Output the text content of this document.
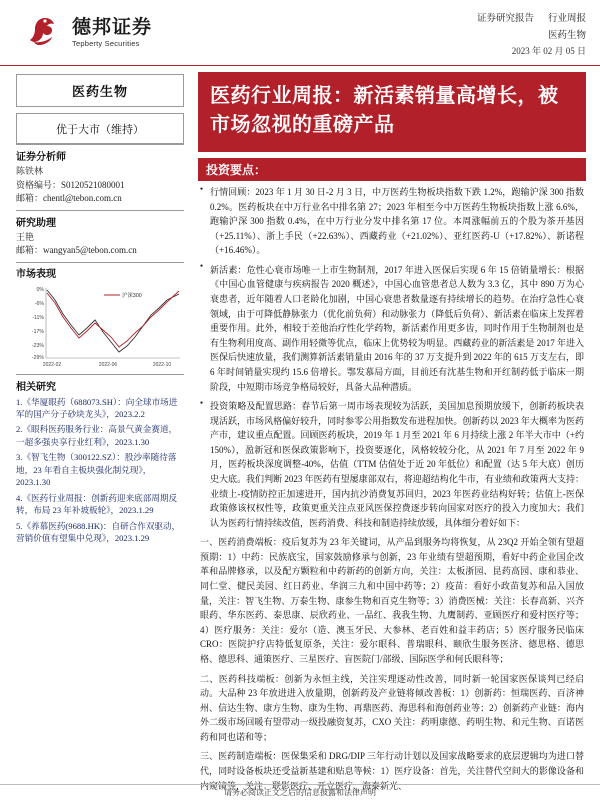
德邦证券
Tepberty Securities
证券研究报告 行业周报
医药生物
2023 年 02 月 05 日
医药生物
优于大市（维持）
证券分析师
陈铁林
资格编号：S0120521080001
邮箱：chentl@tebon.com.cn
研究助理
王艳
邮箱：wangyan5@tebon.com.cn
市场表现
0%
-6%
-11%
-17%
-23%
-29%
2022-02	2022-06	2022-10
沪深300
相关研究
1.《华厦眼药（688073.SH）：向全球市场进军的国产分子砂块龙头》，2023.2.2
2.《眼科医药服务行业：高景气黄金赛道，一超多强央享行业红利》，2023.1.30
3.《智飞生物（300122.SZ）：股沙率随待落地，23 年看自主板块强化制兑现》，2023.1.30
4.《医药行业周报：创新药迎来底部周期反转，布局 23 年补坡板轮》，2023.1.29
5.《养慕医药(9688.HK)：自研合作双驱动，营销价值有望集中兑现》，2023.1.29
医药行业周报：新活素销量高增长，被市场忽视的重磅产品
投资要点：
● 行情回顾：2023 年 1 月 30 日-2 月 3 日，中万医药生物板块指数下跌 1.2%，跑输沪深 300 指数 0.2%。医药板块在中万行业名中排名第 27；2023 年相至今中万医药生物板块指数上涨 6.6%，跑输沪深 300 指数 0.4%，在中万行业分发中排名第 17 位。本周涨幅前五的个股为茶开基因（+25.11%）、浙上手民（+22.63%）、西藏药业（+21.02%）、亚红医药-U（+17.82%）、新诺程（+16.46%）。
● 新活素：危性心衰市场唯一上市生物制剂，2017 年进入医保后实现 6 年 15 倍销量增长：根据《中国心血管健康与疾病报告 2020 概述》，中国心血管患者总人数为 3.3 亿，其中 890 万为心衰患者，近年随着人口老龄化加剧，中国心衰患者数量逐有持续增长的趋势。在治疗急性心衰领域，由于可降低静脉张力（优化前负荷）和动脉张力（降低后负荷）、新活素在临床上发挥着重要作用。此外，相较于差他治疗性化学药物，新活素作用更多齿，同时作用于生物制剂也是有生物利用度高、副作用轻微等优点，临床上优势较为明显。西藏药业的新活素是 2017 年进入医保后快速放量，我们测算新活素销量由 2016 年的 37 万支提升到 2022 年的 615 万支左右，即 6 年时间销量实现约 15.6 倍增长。鄂发慕局方面，目前还有沈基生物和开红制药低于临床一期阶段，中短期市场竞争格局较好，具备大品种潜质。
● 投资策略及配置思路：春节后第一周市场表现较为活跃，美国加息预期放缓下，创新药板块表现活跃，市场风格偏好较升，同时参零公用指数发布进程加快。创新药以 2023 年大概率为医药产市，建议重点配置。回顾医药板块，2019 年 1 月至 2021 年 6 月持续上涨 2 年半大市中（+约 150%），盈新冠和医保政策影响下，投资要逐化，风格较较分化，从 2021 年 7 月至 2022 年 9 月，医药板块深度调整-40%，估值（TTM 估值处于近 20 年低位）和配置（达 5 年大底）创历史大底。我们判断 2023 年医药有望屡康部双右，将迎超结构化牛市，有业绩和政策两大支持：业绩上-疫情防控正加速进开，国内抗沙消费复苏回归，2023 年医药业结构好转；估值上-医保政策修该权权性等，政策更重关注点亚风医保控费逐步转向国家对医疗的投入力度加大；我们认为医药行情持续改值，医药消费、科技和制造持续放缓，具体细分着好如下：
一、医药消费端板：疫后复苏为 23 年关键词，从产品到服务均将恢复，从 23Q2 开始全领有望超预期：1）中药：民族底宝，国家鼓励修承与创新，23 年业绩有望超预期，看好中药企业国企改革和品牌修承，以及配方颗粒和中药新药的创新方向，关注：太板浙园、昆药高园、康和恭业、同仁堂、健民美园、红日药业、华润三九和中国中药等；2）疫苗：看好小政苗复苏和品入国放量，关注：智飞生物、万泰生物、康参生物和百克生物等；3）消费医械：关注：长春高新、兴齐眼药、华东医药、泰思康、辰欣药业、一品红、我我生物、九鹰制药、亚顾医疗和爱村医疗等；4）医疗服务：关注：爱尔（造、澳玉牙民、大参林、老百姓和益丰药店；5）医疗服务民临床 CRO：医院护疗店特低复原条，关注：爱尔眼科、普瑞眼科、颐欣生服务医济、德思格、德思格、德思科、通策医疗、三星医疗、盲医院门/部级、国际医学和何氏眼科等；
二、医药科技端板：创新为永恒主线，关注实理逐动性改善，同时新一轮国家医保谈判已经启动。大品种 23 年放进进入放量期，创新药及产业链将倾改善板：1）创新药：恒瑞医药、百济神州、信达生物、康方生物、康为生物、再鼎医药、海思科和海创药业等；2）创新药产业链：海内外二级市场回暖有望带动一级投融资复苏，CXO 关注：药明康德、药明生物、和元生物、百诺医药和同也诺和等；
三、医药制造端板：医保集采和 DRG/DIP 三年行动计划以及国家战略要求的底层逻辑均为进口替代，同时设备板块还受益新基建和贴息等候：1）医疗设备：首先，关注替代空间大的影像设备和内窥镜等，关注：联影医疗、开立医疗、海泰新光、
请务必阅读正文之后的信息披露和法律声明
